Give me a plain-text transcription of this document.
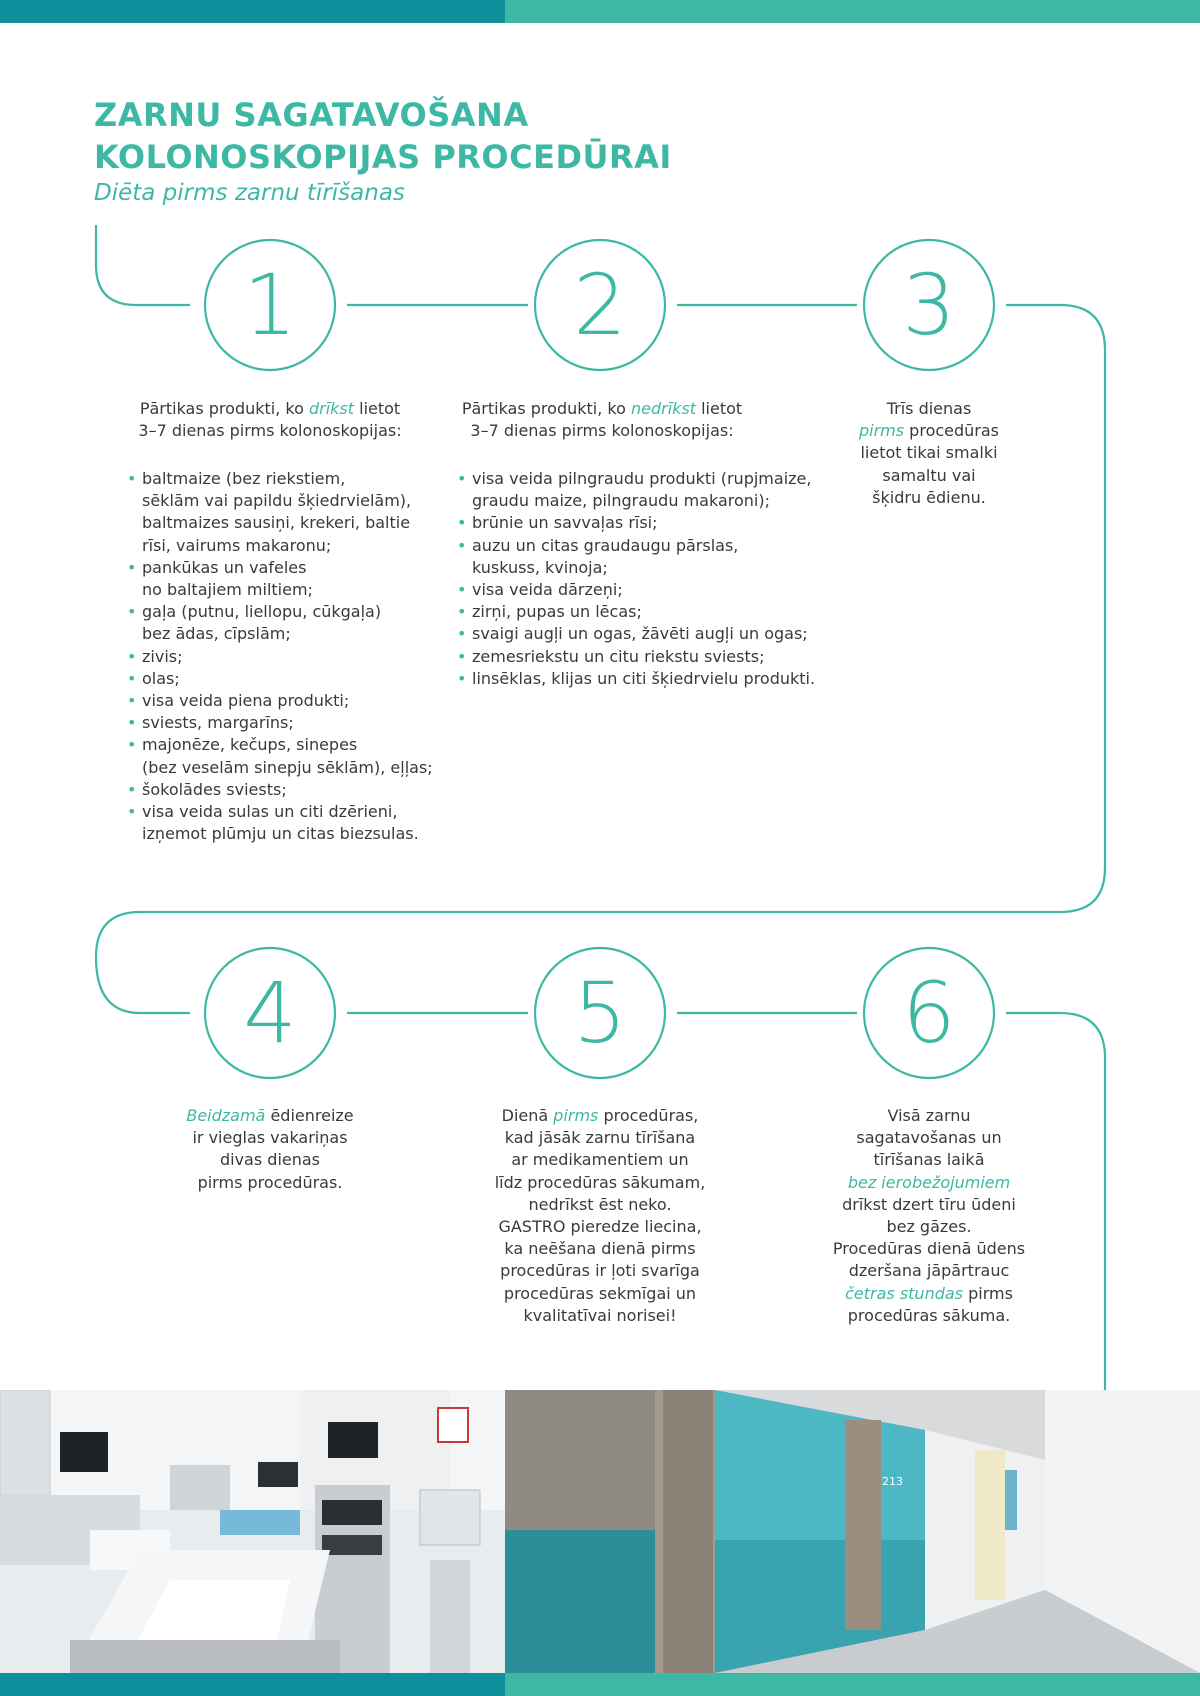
ZARNU SAGATAVOŠANA
KOLONOSKOPIJAS PROCEDŪRAI
Diēta pirms zarnu tīrīšanas
1	2	3
4	5	6
Pārtikas produkti, ko drīkst lietot
3–7 dienas pirms kolonoskopijas:
• baltmaize (bez riekstiem,
sēklām vai papildu šķiedrvielām),
baltmaizes sausiņi, krekeri, baltie
rīsi, vairums makaronu;
• pankūkas un vafeles
no baltajiem miltiem;
• gaļa (putnu, liellopu, cūkgaļa)
bez ādas, cīpslām;
• zivis;
• olas;
• visa veida piena produkti;
• sviests, margarīns;
• majonēze, kečups, sinepes
(bez veselām sinepju sēklām), eļļas;
• šokolādes sviests;
• visa veida sulas un citi dzērieni,
izņemot plūmju un citas biezsulas.
Pārtikas produkti, ko nedrīkst lietot
3–7 dienas pirms kolonoskopijas:
• visa veida pilngraudu produkti (rupjmaize,
graudu maize, pilngraudu makaroni);
• brūnie un savvaļas rīsi;
• auzu un citas graudaugu pārslas,
kuskuss, kvinoja;
• visa veida dārzeņi;
• zirņi, pupas un lēcas;
• svaigi augļi un ogas, žāvēti augļi un ogas;
• zemesriekstu un citu riekstu sviests;
• linsēklas, klijas un citi šķiedrvielu produkti.
Trīs dienas
pirms procedūras
lietot tikai smalki
samaltu vai
šķidru ēdienu.
Beidzamā ēdienreize
ir vieglas vakariņas
divas dienas
pirms procedūras.
Dienā pirms procedūras,
kad jāsāk zarnu tīrīšana
ar medikamentiem un
līdz procedūras sākumam,
nedrīkst ēst neko.
GASTRO pieredze liecina,
ka neēšana dienā pirms
procedūras ir ļoti svarīga
procedūras sekmīgai un
kvalitatīvai norisei!
Visā zarnu
sagatavošanas un
tīrīšanas laikā
bez ierobežojumiem
drīkst dzert tīru ūdeni
bez gāzes.
Procedūras dienā ūdens
dzeršana jāpārtrauc
četras stundas pirms
procedūras sākuma.
213
